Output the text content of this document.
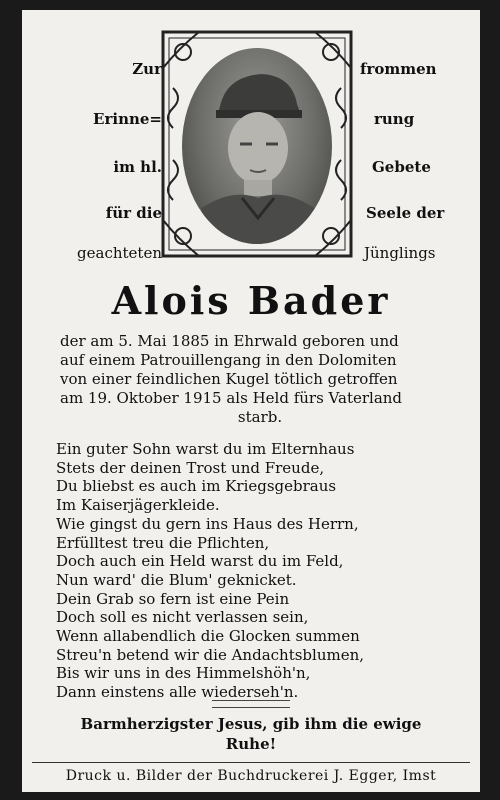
Zur
Erinne=
im hl.
für die
geachteten
frommen
rung
Gebete
Seele der
Jünglings
Alois Bader
der am 5. Mai 1885 in Ehrwald geboren und
auf einem Patrouillengang in den Dolomiten
von einer feindlichen Kugel tötlich getroffen
am 19. Oktober 1915 als Held fürs Vaterland
starb.
Ein guter Sohn warst du im Elternhaus
Stets der deinen Trost und Freude,
Du bliebst es auch im Kriegsgebraus
Im Kaiserjägerkleide.
Wie gingst du gern ins Haus des Herrn,
Erfülltest treu die Pflichten,
Doch auch ein Held warst du im Feld,
Nun ward' die Blum' geknicket.
Dein Grab so fern ist eine Pein
Doch soll es nicht verlassen sein,
Wenn allabendlich die Glocken summen
Streu'n betend wir die Andachtsblumen,
Bis wir uns in des Himmelshöh'n,
Dann einstens alle wiederseh'n.
Barmherzigster Jesus, gib ihm die ewige
Ruhe!
Druck u. Bilder der Buchdruckerei J. Egger, Imst
